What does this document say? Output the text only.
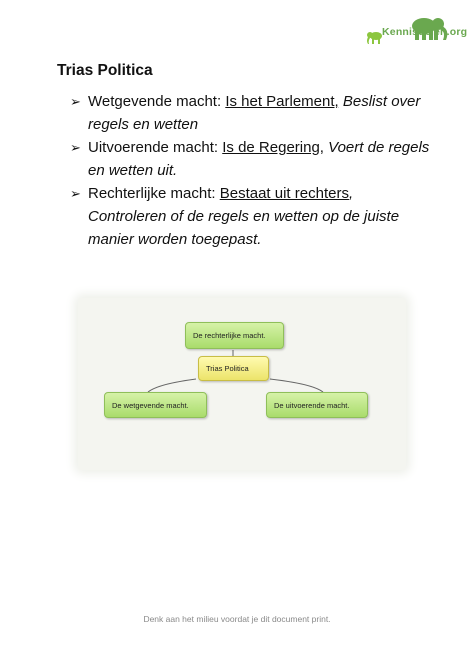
Kennisdelen.org
Trias Politica
➢ Wetgevende macht: Is het Parlement, Beslist over regels en wetten
➢ Uitvoerende macht: Is de Regering, Voert de regels en wetten uit.
➢ Rechterlijke macht: Bestaat uit rechters, Controleren of de regels en wetten op de juiste manier worden toegepast.
De rechterlijke macht.
Trias Politica
De wetgevende macht.	De uitvoerende macht.
Denk aan het milieu voordat je dit document print.
